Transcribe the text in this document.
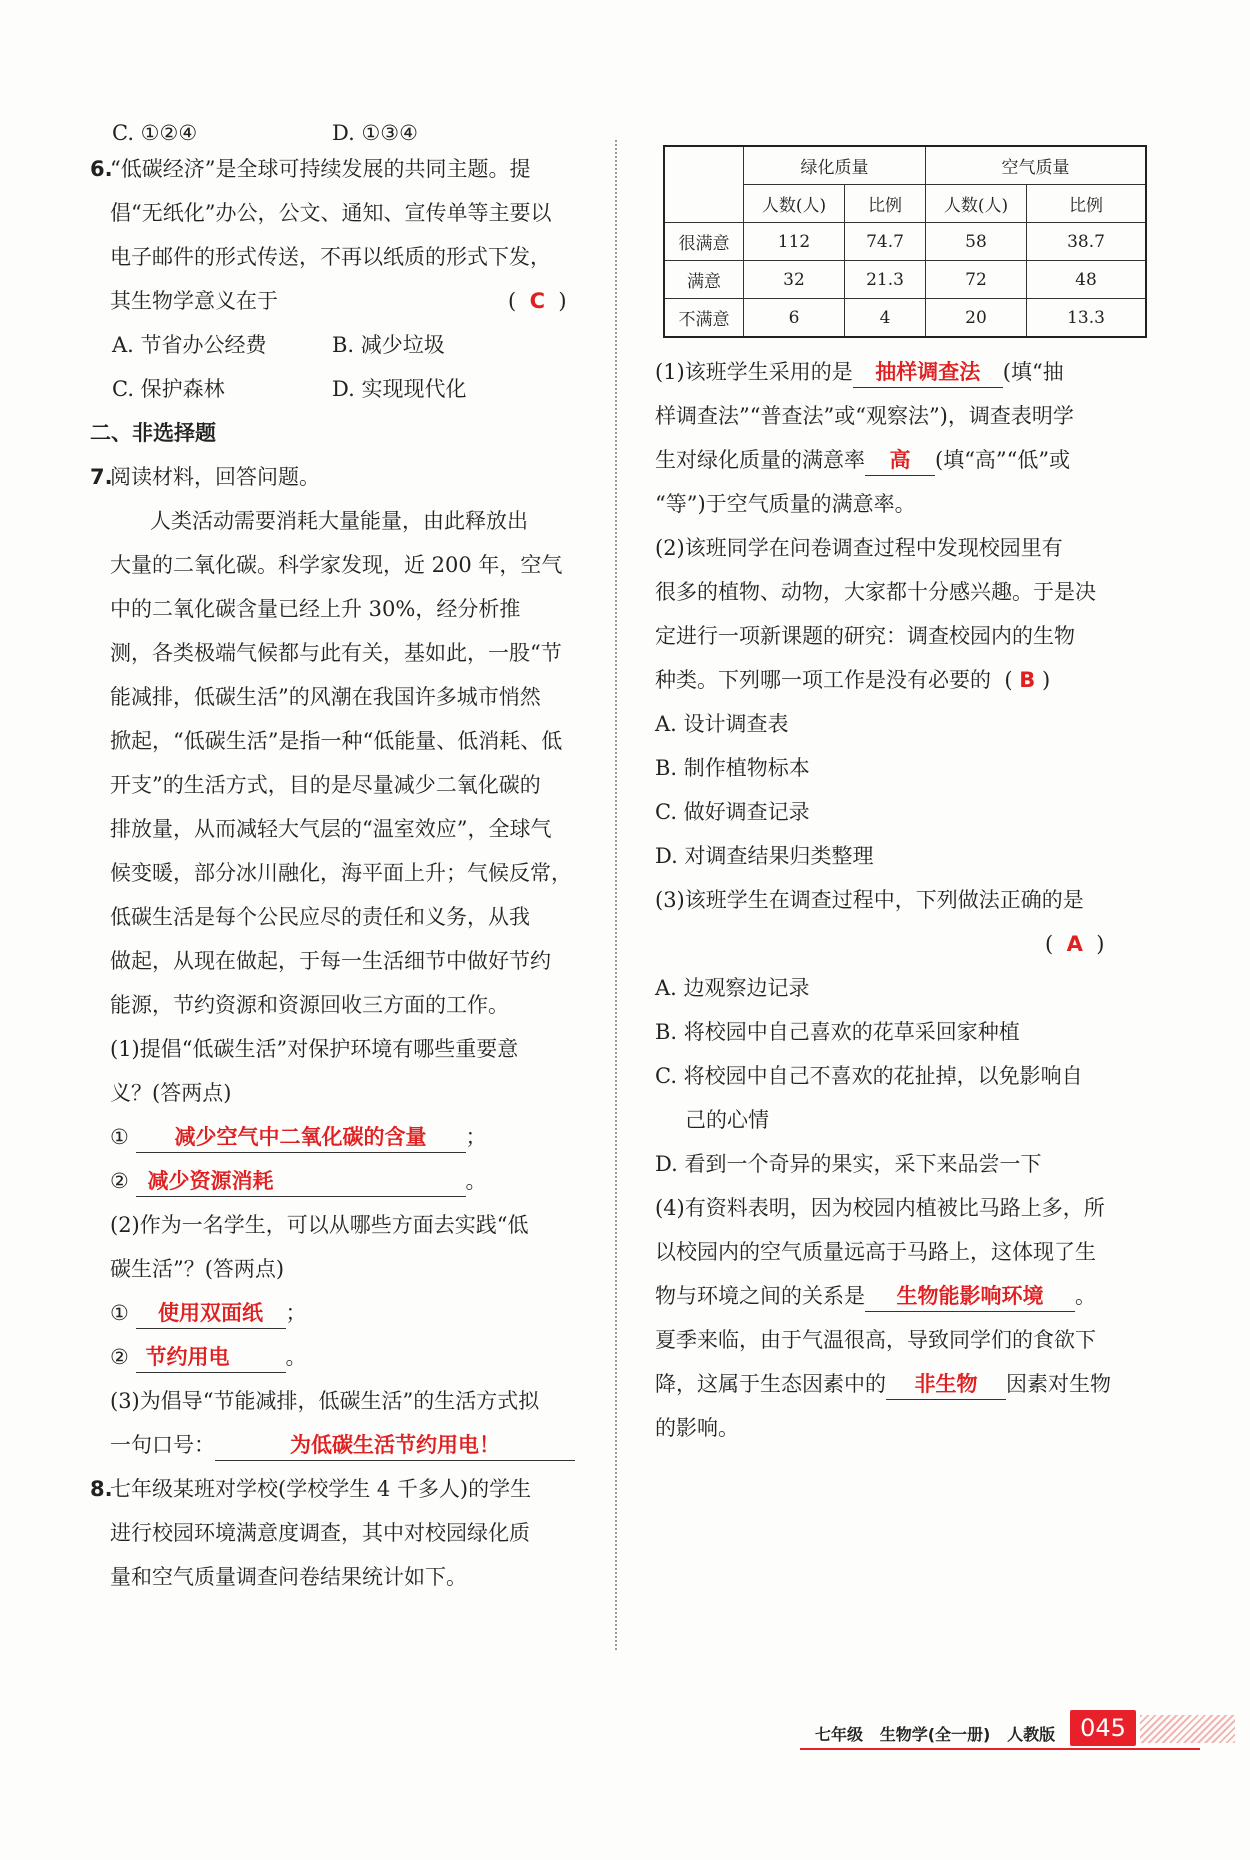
C. ①②④	D. ①③④
6.
“低碳经济”是全球可持续发展的共同主题。提
倡“无纸化”办公，公文、通知、宣传单等主要以
电子邮件的形式传送，不再以纸质的形式下发，
其生物学意义在于	( C )
A. 节省办公经费	B. 减少垃圾
C. 保护森林	D. 实现现代化
二、非选择题
7.
阅读材料，回答问题。
人类活动需要消耗大量能量，由此释放出
大量的二氧化碳。科学家发现，近 200 年，空气
中的二氧化碳含量已经上升 30%，经分析推
测，各类极端气候都与此有关，基如此，一股“节
能减排，低碳生活”的风潮在我国许多城市悄然
掀起，“低碳生活”是指一种“低能量、低消耗、低
开支”的生活方式，目的是尽量减少二氧化碳的
排放量，从而减轻大气层的“温室效应”，全球气
候变暖，部分冰川融化，海平面上升；气候反常，
低碳生活是每个公民应尽的责任和义务，从我
做起，从现在做起，于每一生活细节中做好节约
能源，节约资源和资源回收三方面的工作。
(1)提倡“低碳生活”对保护环境有哪些重要意
义？(答两点)
① 减少空气中二氧化碳的含量 ；
② 减少资源消耗	。
(2)作为一名学生，可以从哪些方面去实践“低
碳生活”？(答两点)
① 使用双面纸 ；
② 节约用电	。
(3)为倡导“节能减排，低碳生活”的生活方式拟
一句口号：	为低碳生活节约用电！
8.
七年级某班对学校(学校学生 4 千多人)的学生
进行校园环境满意度调查，其中对校园绿化质
量和空气质量调查问卷结果统计如下。
	绿化质量		空气质量	
	人数(人)	比例	人数(人)	比例
很满意	112	74.7	58	38.7
满意	32	21.3	72	48
不满意	6	4	20	13.3
(1)该班学生采用的是 抽样调查法 (填“抽
样调查法”“普查法”或“观察法”)，调查表明学
生对绿化质量的满意率 高 (填“高”“低”或
“等”)于空气质量的满意率。
(2)该班同学在问卷调查过程中发现校园里有
很多的植物、动物，大家都十分感兴趣。于是决
定进行一项新课题的研究：调查校园内的生物
种类。下列哪一项工作是没有必要的 ( B )
A. 设计调查表
B. 制作植物标本
C. 做好调查记录
D. 对调查结果归类整理
(3)该班学生在调查过程中，下列做法正确的是
( A )
A. 边观察边记录
B. 将校园中自己喜欢的花草采回家种植
C. 将校园中自己不喜欢的花扯掉，以免影响自
己的心情
D. 看到一个奇异的果实，采下来品尝一下
(4)有资料表明，因为校园内植被比马路上多，所
以校园内的空气质量远高于马路上，这体现了生
物与环境之间的关系是 生物能影响环境 。
夏季来临，由于气温很高，导致同学们的食欲下
降，这属于生态因素中的 非生物 因素对生物
的影响。
七年级 生物学(全一册) 人教版	045
